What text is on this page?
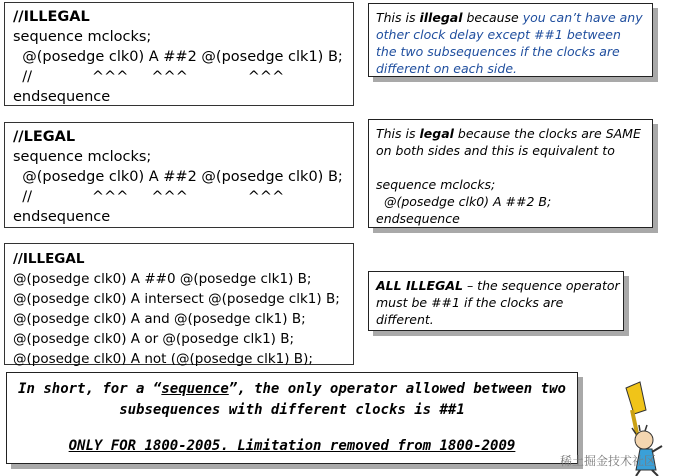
//ILLEGAL
sequence mclocks;
@(posedge clk0) A ##2 @(posedge clk1) B;
//             ^^^     ^^^             ^^^
endsequence
This is illegal because you can’t have any
other clock delay except ##1 between
the two subsequences if the clocks are
different on each side.
//LEGAL
sequence mclocks;
@(posedge clk0) A ##2 @(posedge clk0) B;
//             ^^^     ^^^             ^^^
endsequence
This is legal because the clocks are SAME
on both sides and this is equivalent to
sequence mclocks;
@(posedge clk0) A ##2 B;
endsequence
//ILLEGAL
@(posedge clk0) A ##0 @(posedge clk1) B;
@(posedge clk0) A intersect @(posedge clk1) B;
@(posedge clk0) A and @(posedge clk1) B;
@(posedge clk0) A or @(posedge clk1) B;
@(posedge clk0) A not (@(posedge clk1) B);
ALL ILLEGAL – the sequence operator
must be ##1 if the clocks are
different.
In short, for a “sequence”, the only operator allowed between two
subsequences with different clocks is ##1
ONLY FOR 1800-2005. Limitation removed from 1800-2009
稀土掘金技术社区
